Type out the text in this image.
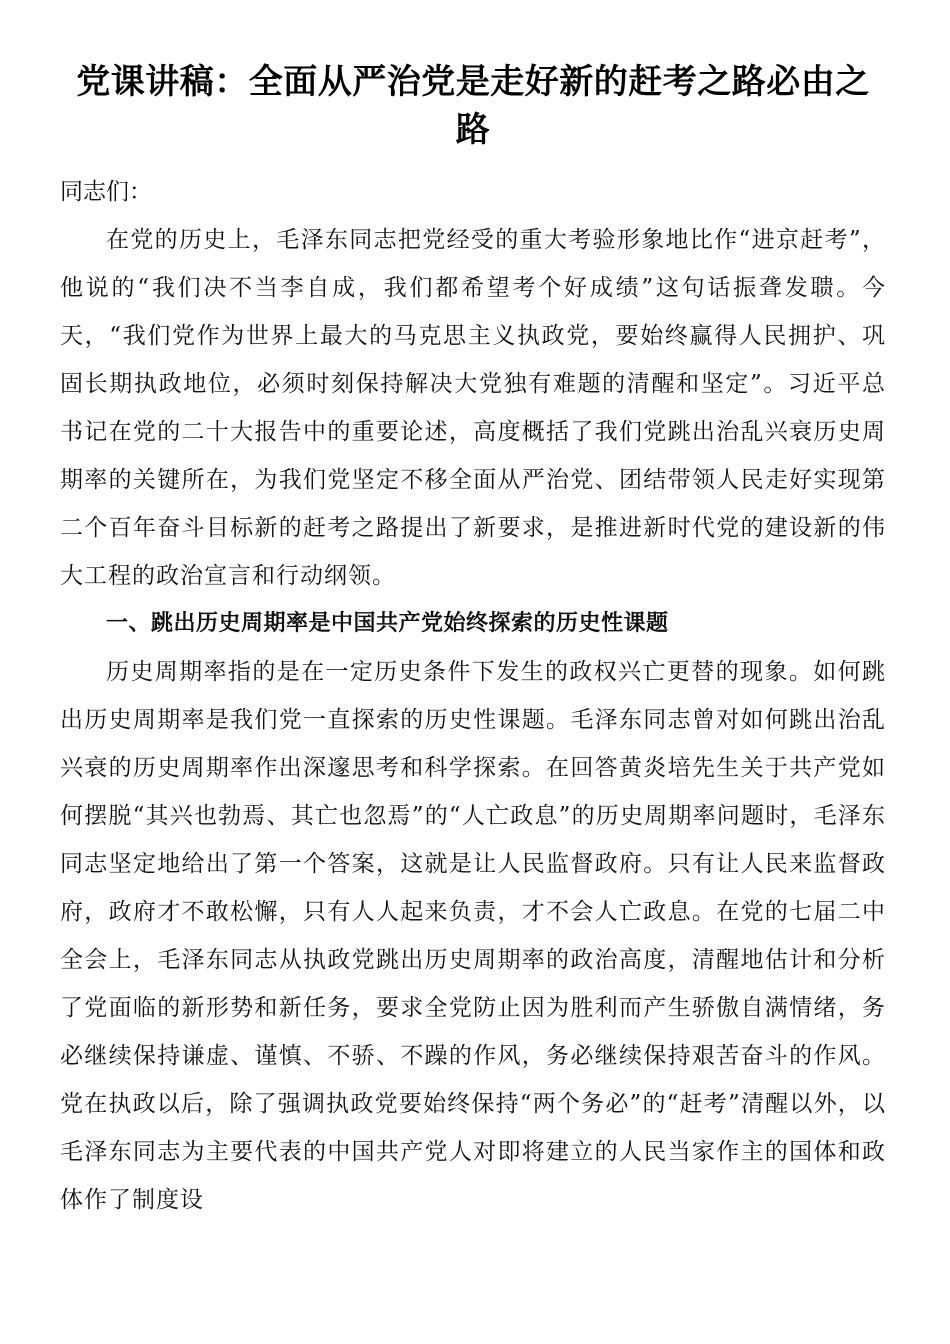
党课讲稿：全面从严治党是走好新的赶考之路必由之路

同志们：

在党的历史上，毛泽东同志把党经受的重大考验形象地比作“进京赶考”，他说的“我们决不当李自成，我们都希望考个好成绩”这句话振聋发聩。今天，“我们党作为世界上最大的马克思主义执政党，要始终赢得人民拥护、巩固长期执政地位，必须时刻保持解决大党独有难题的清醒和坚定”。习近平总书记在党的二十大报告中的重要论述，高度概括了我们党跳出治乱兴衰历史周期率的关键所在，为我们党坚定不移全面从严治党、团结带领人民走好实现第二个百年奋斗目标新的赶考之路提出了新要求，是推进新时代党的建设新的伟大工程的政治宣言和行动纲领。

一、跳出历史周期率是中国共产党始终探索的历史性课题

历史周期率指的是在一定历史条件下发生的政权兴亡更替的现象。如何跳出历史周期率是我们党一直探索的历史性课题。毛泽东同志曾对如何跳出治乱兴衰的历史周期率作出深邃思考和科学探索。在回答黄炎培先生关于共产党如何摆脱“其兴也勃焉、其亡也忽焉”的“人亡政息”的历史周期率问题时，毛泽东同志坚定地给出了第一个答案，这就是让人民监督政府。只有让人民来监督政府，政府才不敢松懈，只有人人起来负责，才不会人亡政息。在党的七届二中全会上，毛泽东同志从执政党跳出历史周期率的政治高度，清醒地估计和分析了党面临的新形势和新任务，要求全党防止因为胜利而产生骄傲自满情绪，务必继续保持谦虚、谨慎、不骄、不躁的作风，务必继续保持艰苦奋斗的作风。党在执政以后，除了强调执政党要始终保持“两个务必”的“赶考”清醒以外，以毛泽东同志为主要代表的中国共产党人对即将建立的人民当家作主的国体和政体作了制度设
